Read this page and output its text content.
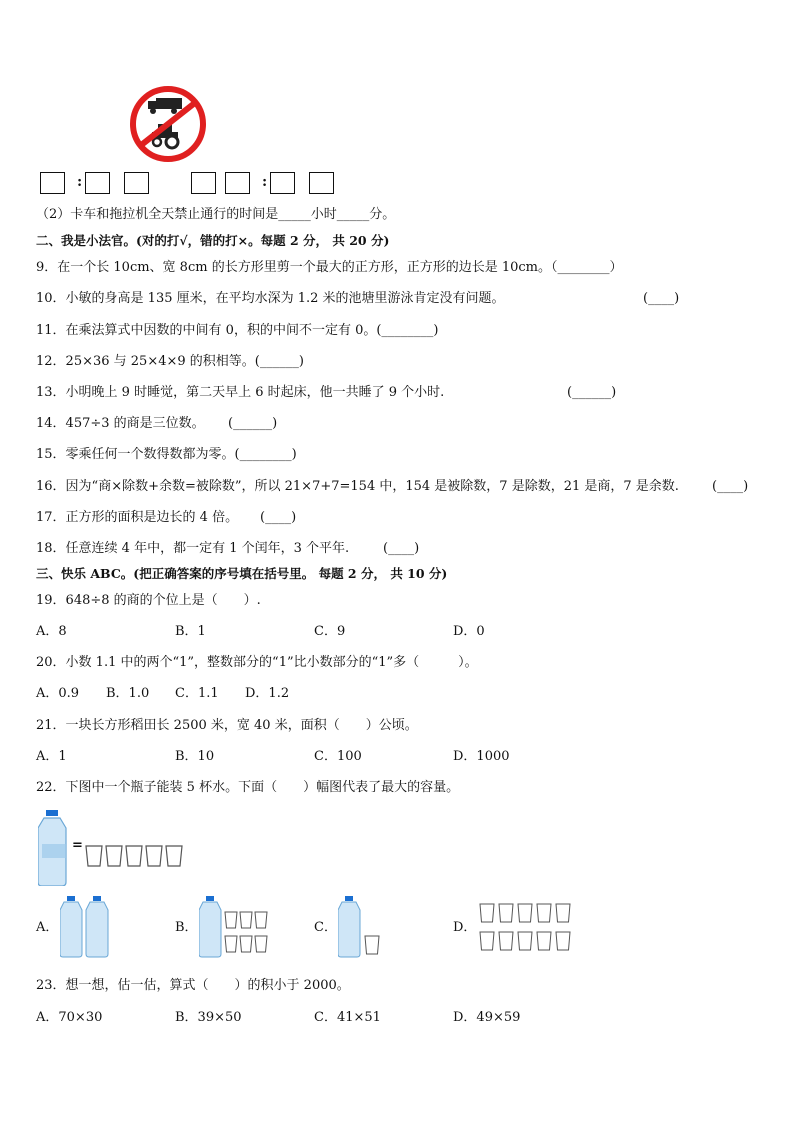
:	:
（2）卡车和拖拉机全天禁止通行的时间是_____小时_____分。
二、我是小法官。(对的打√，错的打×。每题 2 分， 共 20 分)
9．在一个长 10cm、宽 8cm 的长方形里剪一个最大的正方形，正方形的边长是 10cm。（________）
10．小敏的身高是 135 厘米，在平均水深为 1.2 米的池塘里游泳肯定没有问题。	(____)
11．在乘法算式中因数的中间有 0，积的中间不一定有 0。(________)
12．25×36 与 25×4×9 的积相等。(______)
13．小明晚上 9 时睡觉，第二天早上 6 时起床，他一共睡了 9 个小时.	(______)
14．457÷3 的商是三位数。 (______)
15．零乘任何一个数得数都为零。(________)
16．因为“商×除数+余数=被除数”，所以 21×7+7=154 中，154 是被除数，7 是除数，21 是商，7 是余数.	(____)
17．正方形的面积是边长的 4 倍。 (____)
18．任意连续 4 年中，都一定有 1 个闰年，3 个平年.	(____)
三、快乐 ABC。(把正确答案的序号填在括号里。 每题 2 分， 共 10 分)
19．648÷8 的商的个位上是（　　）.
A．8	B．1	C．9	D．0
20．小数 1.1 中的两个“1”，整数部分的“1”比小数部分的“1”多（　　　）。
A．0.9 B．1.0 C．1.1 D．1.2
21．一块长方形稻田长 2500 米，宽 40 米，面积（　　）公顷。
A．1	B．10	C．100	D．1000
22．下图中一个瓶子能装 5 杯水。下面（　　）幅图代表了最大的容量。
=
A．	B．	C．	D．
23．想一想，估一估，算式（　　）的积小于 2000。
A．70×30	B．39×50	C．41×51	D．49×59
